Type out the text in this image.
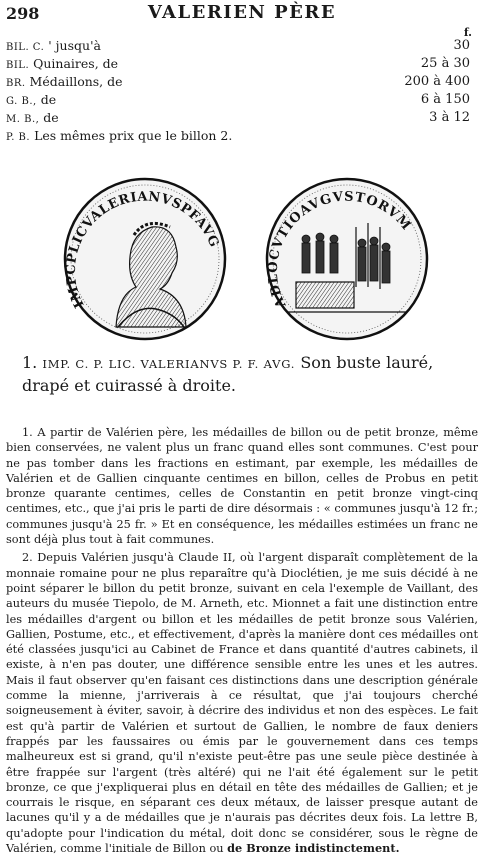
298	VALERIEN PÈRE
f.
BIL. C. ' jusqu'à	30
BIL. Quinaires, de	25 à 30
BR. Médaillons, de	200 à 400
G. B., de	6 à 150
M. B., de	3 à 12
P. B. Les mêmes prix que le billon 2.
IMPCPLICVALERIANVSPFAVG
ADLOCVTIOAVGVSTORVM
1. IMP. C. P. LIC. VALERIANVS P. F. AVG. Son buste lauré,
drapé et cuirassé à droite.

1. A partir de Valérien père, les médailles de billon ou de petit bronze, même bien conservées, ne valent plus un franc quand elles sont communes. C'est pour ne pas tomber dans les fractions en estimant, par exemple, les médailles de Valérien et de Gallien cinquante centimes en billon, celles de Probus en petit bronze quarante centimes, celles de Constantin en petit bronze vingt-cinq centimes, etc., que j'ai pris le parti de dire désormais : « communes jusqu'à 12 fr.; communes jusqu'à 25 fr. » Et en conséquence, les médailles estimées un franc ne sont déjà plus tout à fait communes.

2. Depuis Valérien jusqu'à Claude II, où l'argent disparaît complètement de la monnaie romaine pour ne plus reparaître qu'à Dioclétien, je me suis décidé à ne point séparer le billon du petit bronze, suivant en cela l'exemple de Vaillant, des auteurs du musée Tiepolo, de M. Arneth, etc. Mionnet a fait une distinction entre les médailles d'argent ou billon et les médailles de petit bronze sous Valérien, Gallien, Postume, etc., et effectivement, d'après la manière dont ces médailles ont été classées jusqu'ici au Cabinet de France et dans quantité d'autres cabinets, il existe, à n'en pas douter, une différence sensible entre les unes et les autres. Mais il faut observer qu'en faisant ces distinctions dans une description générale comme la mienne, j'arriverais à ce résultat, que j'ai toujours cherché soigneusement à éviter, savoir, à décrire des individus et non des espèces. Le fait est qu'à partir de Valérien et surtout de Gallien, le nombre de faux deniers frappés par les faussaires ou émis par le gouvernement dans ces temps malheureux est si grand, qu'il n'existe peut-être pas une seule pièce destinée à être frappée sur l'argent (très altéré) qui ne l'ait été également sur le petit bronze, ce que j'expliquerai plus en détail en tête des médailles de Gallien; et je courrais le risque, en séparant ces deux métaux, de laisser presque autant de lacunes qu'il y a de médailles que je n'aurais pas décrites deux fois. La lettre B, qu'adopte pour l'indication du métal, doit donc se considérer, sous le règne de Valérien, comme l'initiale de Billon ou de Bronze indistinctement.
